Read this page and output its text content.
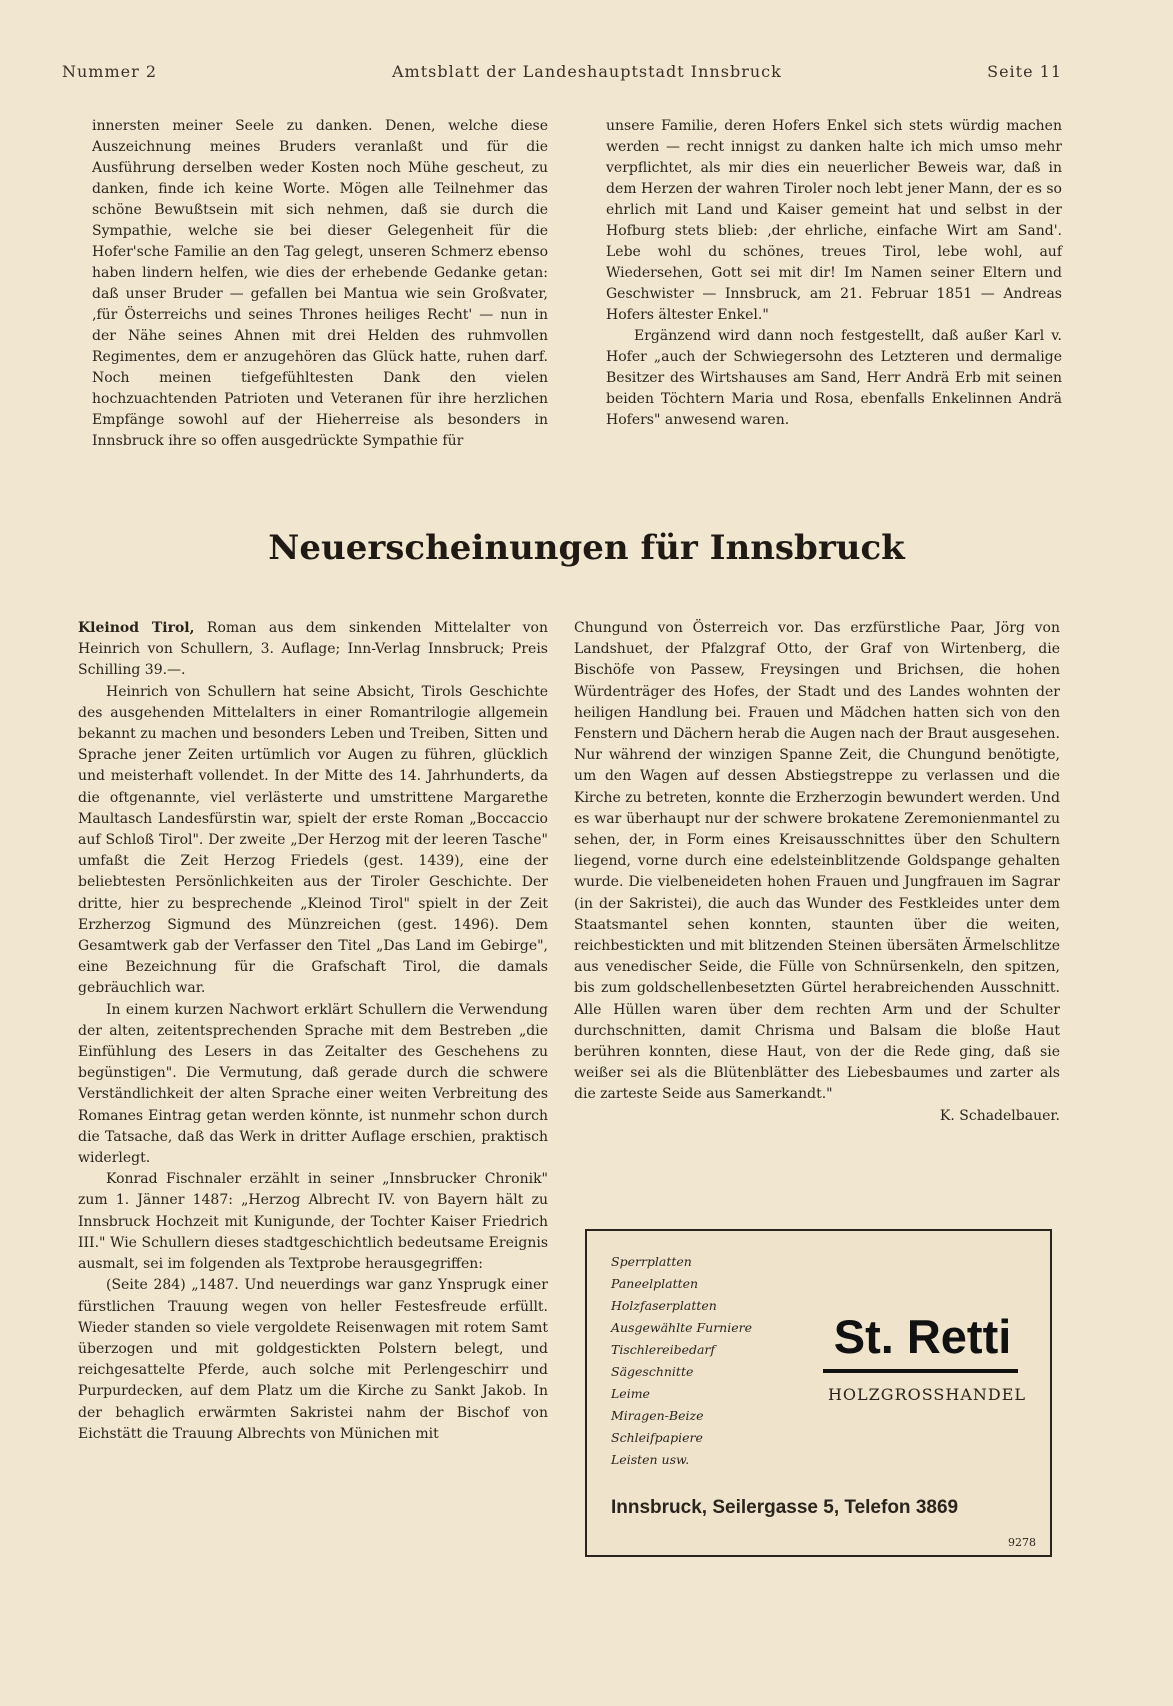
Nummer 2	Amtsblatt der Landeshauptstadt Innsbruck	Seite 11

innersten meiner Seele zu danken. Denen, welche diese Auszeichnung meines Bruders veranlaßt und für die Ausführung derselben weder Kosten noch Mühe gescheut, zu danken, finde ich keine Worte. Mögen alle Teilnehmer das schöne Bewußtsein mit sich nehmen, daß sie durch die Sympathie, welche sie bei dieser Gelegenheit für die Hofer'sche Familie an den Tag gelegt, unseren Schmerz ebenso haben lindern helfen, wie dies der erhebende Gedanke getan: daß unser Bruder — gefallen bei Mantua wie sein Großvater, ‚für Österreichs und seines Thrones heiliges Recht' — nun in der Nähe seines Ahnen mit drei Helden des ruhmvollen Regimentes, dem er anzugehören das Glück hatte, ruhen darf. Noch meinen tiefgefühltesten Dank den vielen hochzuachtenden Patrioten und Veteranen für ihre herzlichen Empfänge sowohl auf der Hieherreise als besonders in Innsbruck ihre so offen ausgedrückte Sympathie für

unsere Familie, deren Hofers Enkel sich stets würdig machen werden — recht innigst zu danken halte ich mich umso mehr verpflichtet, als mir dies ein neuerlicher Beweis war, daß in dem Herzen der wahren Tiroler noch lebt jener Mann, der es so ehrlich mit Land und Kaiser gemeint hat und selbst in der Hofburg stets blieb: ‚der ehrliche, einfache Wirt am Sand'. Lebe wohl du schönes, treues Tirol, lebe wohl, auf Wiedersehen, Gott sei mit dir! Im Namen seiner Eltern und Geschwister — Innsbruck, am 21. Februar 1851 — Andreas Hofers ältester Enkel."

Ergänzend wird dann noch festgestellt, daß außer Karl v. Hofer „auch der Schwiegersohn des Letzteren und dermalige Besitzer des Wirtshauses am Sand, Herr Andrä Erb mit seinen beiden Töchtern Maria und Rosa, ebenfalls Enkelinnen Andrä Hofers" anwesend waren.

Neuerscheinungen für Innsbruck

Kleinod Tirol, Roman aus dem sinkenden Mittelalter von Heinrich von Schullern, 3. Auflage; Inn-Verlag Innsbruck; Preis Schilling 39.—.

Heinrich von Schullern hat seine Absicht, Tirols Geschichte des ausgehenden Mittelalters in einer Romantrilogie allgemein bekannt zu machen und besonders Leben und Treiben, Sitten und Sprache jener Zeiten urtümlich vor Augen zu führen, glücklich und meisterhaft vollendet. In der Mitte des 14. Jahrhunderts, da die oftgenannte, viel verlästerte und umstrittene Margarethe Maultasch Landesfürstin war, spielt der erste Roman „Boccaccio auf Schloß Tirol". Der zweite „Der Herzog mit der leeren Tasche" umfaßt die Zeit Herzog Friedels (gest. 1439), eine der beliebtesten Persönlichkeiten aus der Tiroler Geschichte. Der dritte, hier zu besprechende „Kleinod Tirol" spielt in der Zeit Erzherzog Sigmund des Münzreichen (gest. 1496). Dem Gesamtwerk gab der Verfasser den Titel „Das Land im Gebirge", eine Bezeichnung für die Grafschaft Tirol, die damals gebräuchlich war.

In einem kurzen Nachwort erklärt Schullern die Verwendung der alten, zeitentsprechenden Sprache mit dem Bestreben „die Einfühlung des Lesers in das Zeitalter des Geschehens zu begünstigen". Die Vermutung, daß gerade durch die schwere Verständlichkeit der alten Sprache einer weiten Verbreitung des Romanes Eintrag getan werden könnte, ist nunmehr schon durch die Tatsache, daß das Werk in dritter Auflage erschien, praktisch widerlegt.

Konrad Fischnaler erzählt in seiner „Innsbrucker Chronik" zum 1. Jänner 1487: „Herzog Albrecht IV. von Bayern hält zu Innsbruck Hochzeit mit Kunigunde, der Tochter Kaiser Friedrich III." Wie Schullern dieses stadtgeschichtlich bedeutsame Ereignis ausmalt, sei im folgenden als Textprobe herausgegriffen:

(Seite 284) „1487. Und neuerdings war ganz Ynsprugk einer fürstlichen Trauung wegen von heller Festesfreude erfüllt. Wieder standen so viele vergoldete Reisenwagen mit rotem Samt überzogen und mit goldgestickten Polstern belegt, und reichgesattelte Pferde, auch solche mit Perlengeschirr und Purpurdecken, auf dem Platz um die Kirche zu Sankt Jakob. In der behaglich erwärmten Sakristei nahm der Bischof von Eichstätt die Trauung Albrechts von Münichen mit

Chungund von Österreich vor. Das erzfürstliche Paar, Jörg von Landshuet, der Pfalzgraf Otto, der Graf von Wirtenberg, die Bischöfe von Passew, Freysingen und Brichsen, die hohen Würdenträger des Hofes, der Stadt und des Landes wohnten der heiligen Handlung bei. Frauen und Mädchen hatten sich von den Fenstern und Dächern herab die Augen nach der Braut ausgesehen. Nur während der winzigen Spanne Zeit, die Chungund benötigte, um den Wagen auf dessen Abstiegstreppe zu verlassen und die Kirche zu betreten, konnte die Erzherzogin bewundert werden. Und es war überhaupt nur der schwere brokatene Zeremonienmantel zu sehen, der, in Form eines Kreisausschnittes über den Schultern liegend, vorne durch eine edelsteinblitzende Goldspange gehalten wurde. Die vielbeneideten hohen Frauen und Jungfrauen im Sagrar (in der Sakristei), die auch das Wunder des Festkleides unter dem Staatsmantel sehen konnten, staunten über die weiten, reichbestickten und mit blitzenden Steinen übersäten Ärmelschlitze aus venedischer Seide, die Fülle von Schnürsenkeln, den spitzen, bis zum goldschellenbesetzten Gürtel herabreichenden Ausschnitt. Alle Hüllen waren über dem rechten Arm und der Schulter durchschnitten, damit Chrisma und Balsam die bloße Haut berühren konnten, diese Haut, von der die Rede ging, daß sie weißer sei als die Blütenblätter des Liebesbaumes und zarter als die zarteste Seide aus Samerkandt."

K. Schadelbauer.

Sperrplatten
Paneelplatten
Holzfaserplatten
Ausgewählte Furniere
Tischlereibedarf
Sägeschnitte
Leime
Miragen-Beize
Schleifpapiere
Leisten usw.
St. Retti
HOLZGROSSHANDEL
Innsbruck, Seilergasse 5, Telefon 3869
9278
